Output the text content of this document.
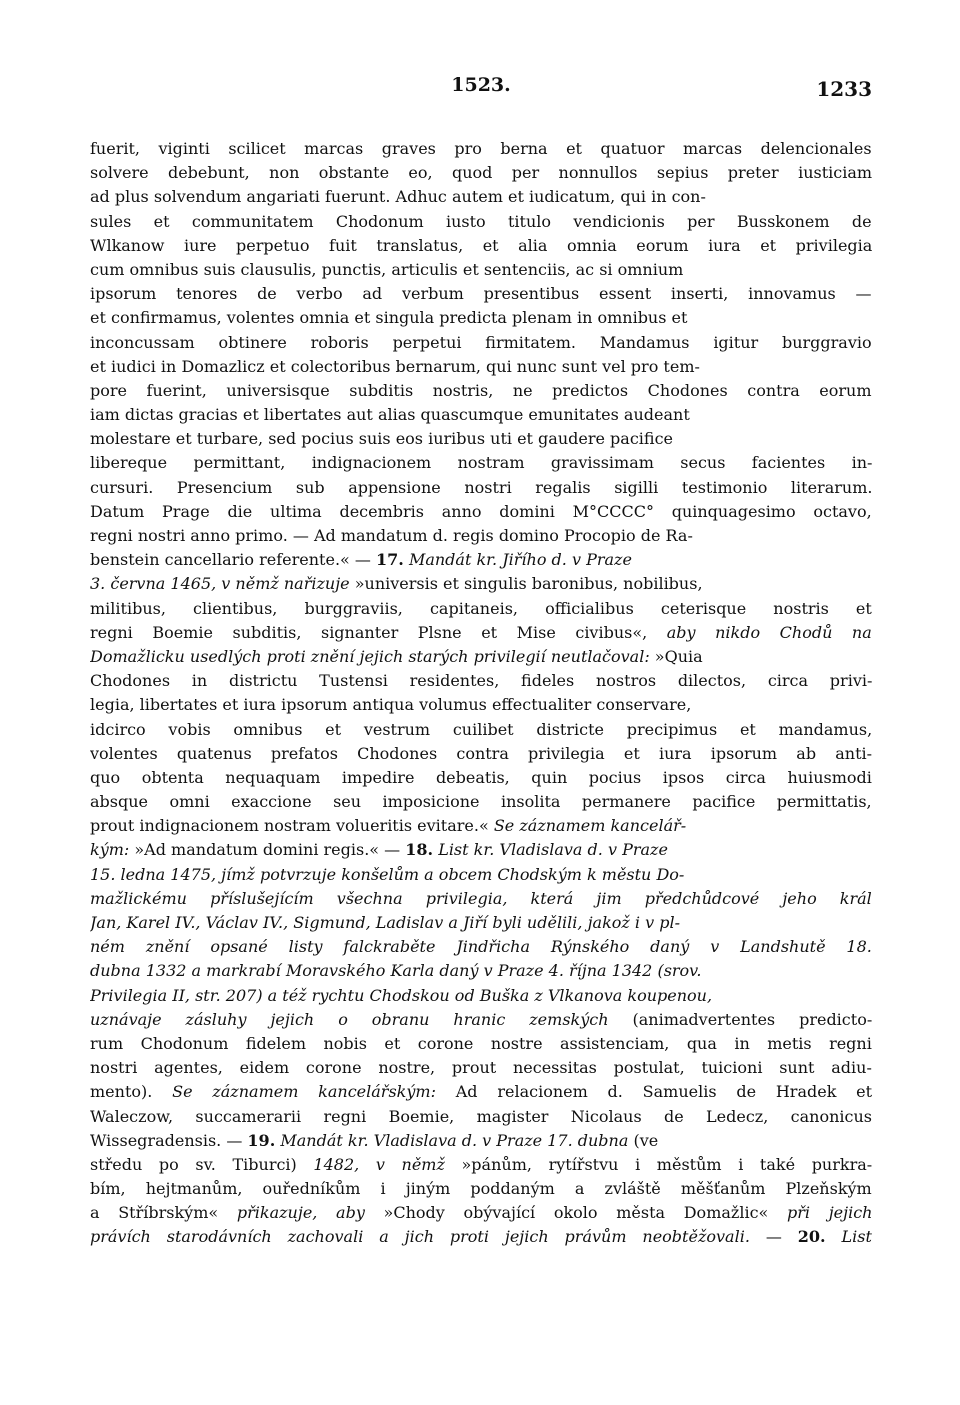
1523.	1233
fuerit, viginti scilicet marcas graves pro berna et quatuor marcas delencionales
solvere debebunt, non obstante eo, quod per nonnullos sepius preter iusticiam
ad plus solvendum angariati fuerunt. Adhuc autem et iudicatum, qui in con-
sules et communitatem Chodonum iusto titulo vendicionis per Busskonem de
Wlkanow iure perpetuo fuit translatus, et alia omnia eorum iura et privilegia
cum omnibus suis clausulis, punctis, articulis et sentenciis, ac si omnium
ipsorum tenores de verbo ad verbum presentibus essent inserti, innovamus —
et confirmamus, volentes omnia et singula predicta plenam in omnibus et
inconcussam obtinere roboris perpetui firmitatem. Mandamus igitur burggravio
et iudici in Domazlicz et colectoribus bernarum, qui nunc sunt vel pro tem-
pore fuerint, universisque subditis nostris, ne predictos Chodones contra eorum
iam dictas gracias et libertates aut alias quascumque emunitates audeant
molestare et turbare, sed pocius suis eos iuribus uti et gaudere pacifice
libereque permittant, indignacionem nostram gravissimam secus facientes in-
cursuri. Presencium sub appensione nostri regalis sigilli testimonio literarum.
Datum Prage die ultima decembris anno domini M°CCCC° quinquagesimo octavo,
regni nostri anno primo. — Ad mandatum d. regis domino Procopio de Ra-
benstein cancellario referente.« — 17. Mandát kr. Jiřího d. v Praze
3. června 1465, v němž nařizuje »universis et singulis baronibus, nobilibus,
militibus, clientibus, burggraviis, capitaneis, officialibus ceterisque nostris et
regni Boemie subditis, signanter Plsne et Mise civibus«, aby nikdo Chodů na
Domažlicku usedlých proti znění jejich starých privilegií neutlačoval: »Quia
Chodones in districtu Tustensi residentes, fideles nostros dilectos, circa privi-
legia, libertates et iura ipsorum antiqua volumus effectualiter conservare,
idcirco vobis omnibus et vestrum cuilibet districte precipimus et mandamus,
volentes quatenus prefatos Chodones contra privilegia et iura ipsorum ab anti-
quo obtenta nequaquam impedire debeatis, quin pocius ipsos circa huiusmodi
absque omni exaccione seu imposicione insolita permanere pacifice permittatis,
prout indignacionem nostram volueritis evitare.« Se záznamem kancelář-
kým: »Ad mandatum domini regis.« — 18. List kr. Vladislava d. v Praze
15. ledna 1475, jímž potvrzuje konšelům a obcem Chodským k městu Do-
mažlickému příslušejícím všechna privilegia, která jim předchůdcové jeho král
Jan, Karel IV., Václav IV., Sigmund, Ladislav a Jiří byli udělili, jakož i v pl-
ném znění opsané listy falckraběte Jindřicha Rýnského daný v Landshutě 18.
dubna 1332 a markrabí Moravského Karla daný v Praze 4. října 1342 (srov.
Privilegia II, str. 207) a též rychtu Chodskou od Buška z Vlkanova koupenou,
uznávaje zásluhy jejich o obranu hranic zemských (animadvertentes predicto-
rum Chodonum fidelem nobis et corone nostre assistenciam, qua in metis regni
nostri agentes, eidem corone nostre, prout necessitas postulat, tuicioni sunt adiu-
mento). Se záznamem kancelářským: Ad relacionem d. Samuelis de Hradek et
Waleczow, succamerarii regni Boemie, magister Nicolaus de Ledecz, canonicus
Wissegradensis. — 19. Mandát kr. Vladislava d. v Praze 17. dubna (ve
středu po sv. Tiburci) 1482, v němž »pánům, rytířstvu i městům i také purkra-
bím, hejtmanům, ouředníkům i jiným poddaným a zvláště měšťanům Plzeňským
a Stříbrským« přikazuje, aby »Chody obývající okolo města Domažlic« při jejich
právích starodávních zachovali a jich proti jejich právům neobtěžovali. — 20. List
